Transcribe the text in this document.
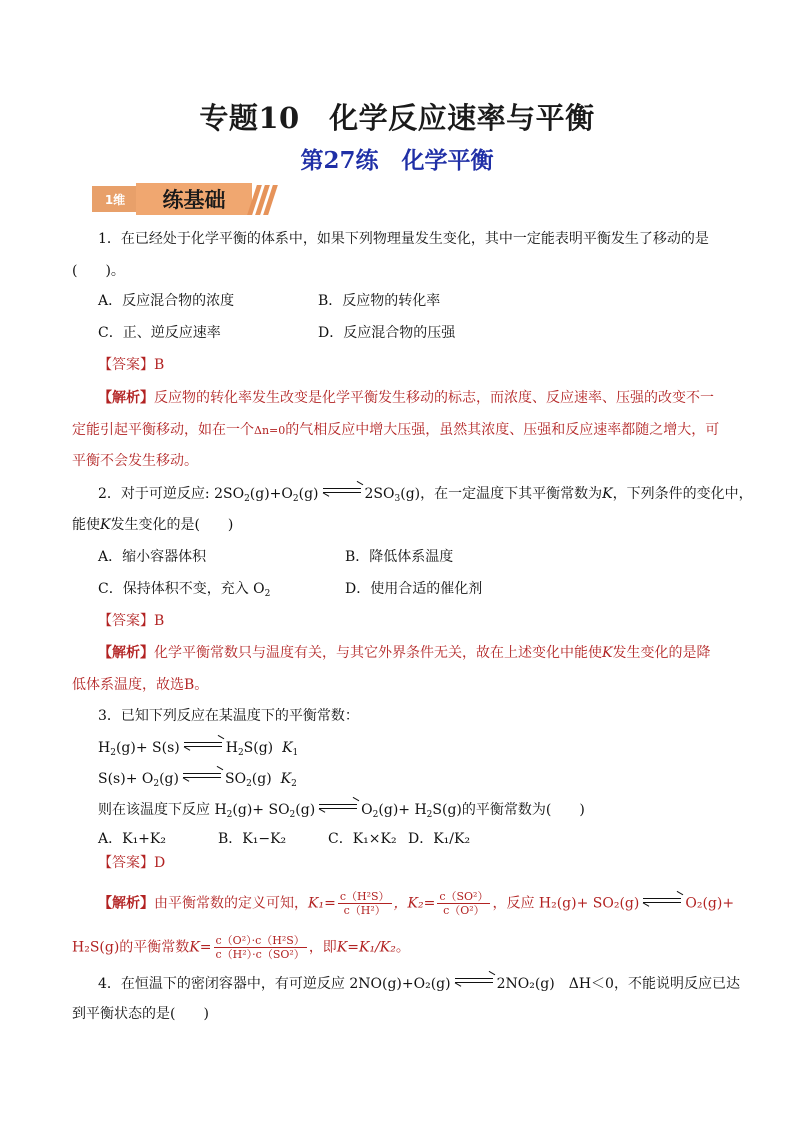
专题10　化学反应速率与平衡
第27练　化学平衡
1维	练基础
1．在已经处于化学平衡的体系中，如果下列物理量发生变化，其中一定能表明平衡发生了移动的是
(　　)。
A．反应混合物的浓度	B．反应物的转化率
C．正、逆反应速率	D．反应混合物的压强
【答案】B
【解析】反应物的转化率发生改变是化学平衡发生移动的标志，而浓度、反应速率、压强的改变不一
定能引起平衡移动，如在一个Δn=0的气相反应中增大压强，虽然其浓度、压强和反应速率都随之增大，可
平衡不会发生移动。
2．对于可逆反应: $2SO_2(g)+O_2(g)$	$2SO_3(g)$，在一定温度下其平衡常数为K，下列条件的变化中，
能使K发生变化的是(　　)
A．缩小容器体积	B．降低体系温度
C．保持体积不变，充入 $O_2$	D．使用合适的催化剂
【答案】B
【解析】化学平衡常数只与温度有关，与其它外界条件无关，故在上述变化中能使K发生变化的是降
低体系温度，故选B。
3．已知下列反应在某温度下的平衡常数：
$H_2(g)+ S(s)$	$H_2S(g)$ $K_1$
$S(s)+ O_2(g)$	$SO_2(g)$ $K_2$
则在该温度下反应 $H_2(g)+ SO_2(g)$	$O_2(g)+ H_2S(g)$的平衡常数为(　　)
A．K₁+K₂	B．K₁−K₂	C．K₁×K₂ D．K₁/K₂
【答案】D
【解析】由平衡常数的定义可知，$K_1= \frac{\text{c（H²S）}}{\text{c（H²）}}$ ，$K_2= \frac{\text{c（SO²）}}{\text{c（O²）}}$ ，反应 H₂(g)+ SO₂(g)	O₂(g)+
H₂S(g)的平衡常数$K= \frac{\text{c（O²）·c（H²S）}}{\text{c（H²）·c（SO²）}}$ ，即K=K₁/K₂。
4．在恒温下的密闭容器中，有可逆反应 2NO(g)+O₂(g)	2NO₂(g)　ΔH＜0，不能说明反应已达
到平衡状态的是(　　)
